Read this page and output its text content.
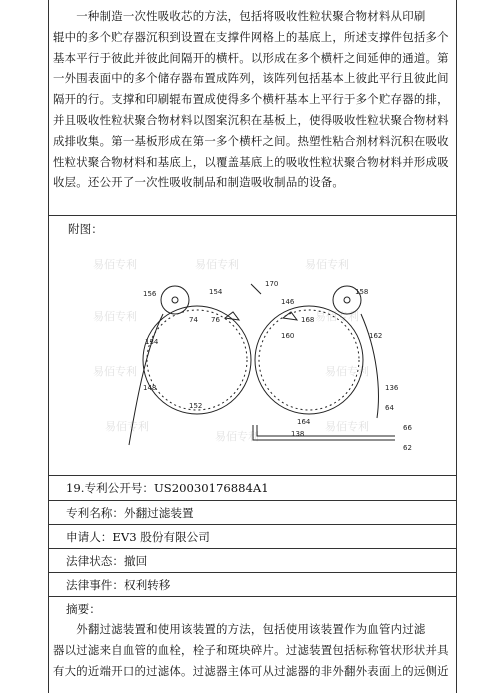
　　一种制造一次性吸收芯的方法，包括将吸收性粒状聚合物材料从印刷
辊中的多个贮存器沉积到设置在支撑件网格上的基底上，所述支撑件包括多个
基本平行于彼此并彼此间隔开的横杆。以形成在多个横杆之间延伸的通道。第
一外围表面中的多个储存器布置成阵列，该阵列包括基本上彼此平行且彼此间
隔开的行。支撑和印刷辊布置成使得多个横杆基本上平行于多个贮存器的排，
并且吸收性粒状聚合物材料以图案沉积在基板上，使得吸收性粒状聚合物材料
成排收集。第一基板形成在第一多个横杆之间。热塑性粘合剂材料沉积在吸收
性粒状聚合物材料和基底上，以覆盖基底上的吸收性粒状聚合物材料并形成吸
收层。还公开了一次性吸收制品和制造吸收制品的设备。
附图：
易佰专利	易佰专利	易佰专利
易佰专利	易佰专利
易佰专利	易佰专利
易佰专利
易佰专利
易佰专利
170
154
156	158
76
146
168
74
134
162
148
160
136
64
66
152
164
138
62
19.专利公开号：US20030176884A1
专利名称：外翻过滤装置
申请人：EV3 股份有限公司
法律状态：撤回
法律事件：权利转移
摘要：
　　外翻过滤装置和使用该装置的方法，包括使用该装置作为血管内过滤
器以过滤来自血管的血栓，栓子和斑块碎片。过滤装置包括标称管状形状并具
有大的近端开口的过滤体。过滤器主体可从过滤器的非外翻外表面上的远侧近
